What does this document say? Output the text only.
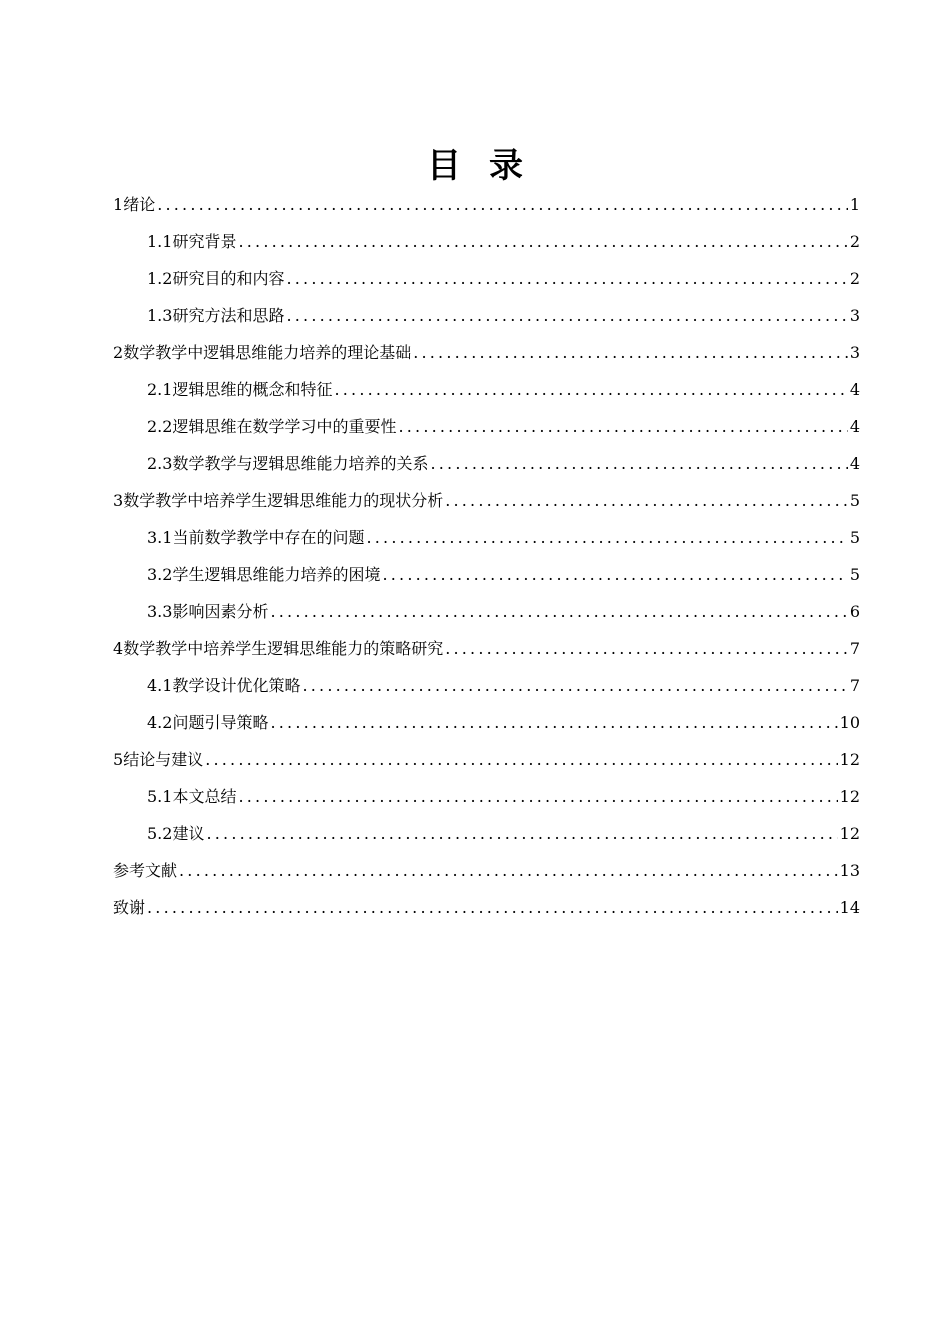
目 录
1 绪论 .....	1
1.1 研究背景 .....	2
1.2 研究目的和内容 .....	2
1.3 研究方法和思路 .....	3
2 数学教学中逻辑思维能力培养的理论基础 .....	3
2.1 逻辑思维的概念和特征 .....	4
2.2 逻辑思维在数学学习中的重要性 .....	4
2.3 数学教学与逻辑思维能力培养的关系 .....	4
3 数学教学中培养学生逻辑思维能力的现状分析 .....	5
3.1 当前数学教学中存在的问题 .....	5
3.2 学生逻辑思维能力培养的困境 .....	5
3.3 影响因素分析 .....	6
4 数学教学中培养学生逻辑思维能力的策略研究 .....	7
4.1 教学设计优化策略 .....	7
4.2 问题引导策略 .....	10
5 结论与建议 .....	12
5.1 本文总结 .....	12
5.2 建议 .....	12
参考文献 .....	13
致谢 .....	14
